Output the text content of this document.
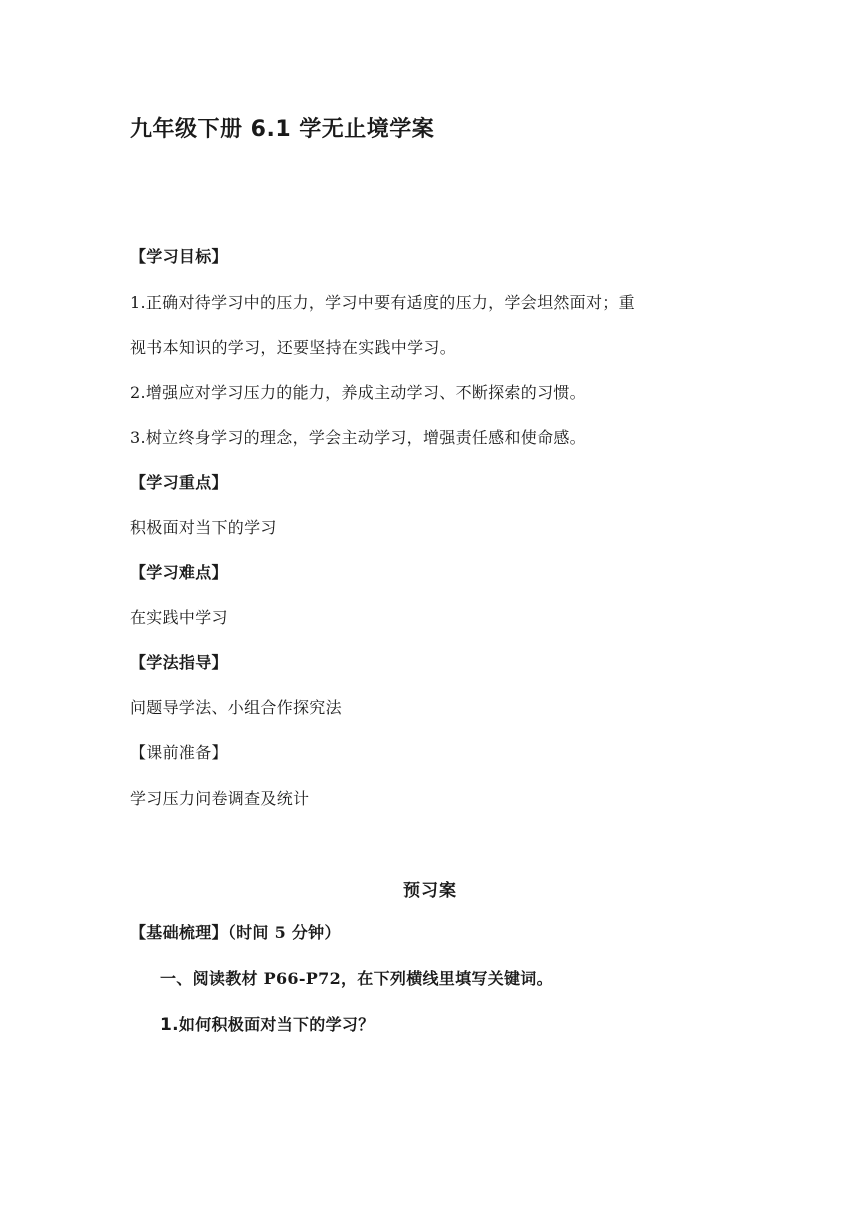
九年级下册 6.1 学无止境学案
【学习目标】
1.正确对待学习中的压力，学习中要有适度的压力，学会坦然面对；重
视书本知识的学习，还要坚持在实践中学习。
2.增强应对学习压力的能力，养成主动学习、不断探索的习惯。
3.树立终身学习的理念，学会主动学习，增强责任感和使命感。
【学习重点】
积极面对当下的学习
【学习难点】
在实践中学习
【学法指导】
问题导学法、小组合作探究法
【课前准备】
学习压力问卷调查及统计
预习案
【基础梳理】（时间 5 分钟）
一、阅读教材 P66-P72，在下列横线里填写关键词。
1.如何积极面对当下的学习？
